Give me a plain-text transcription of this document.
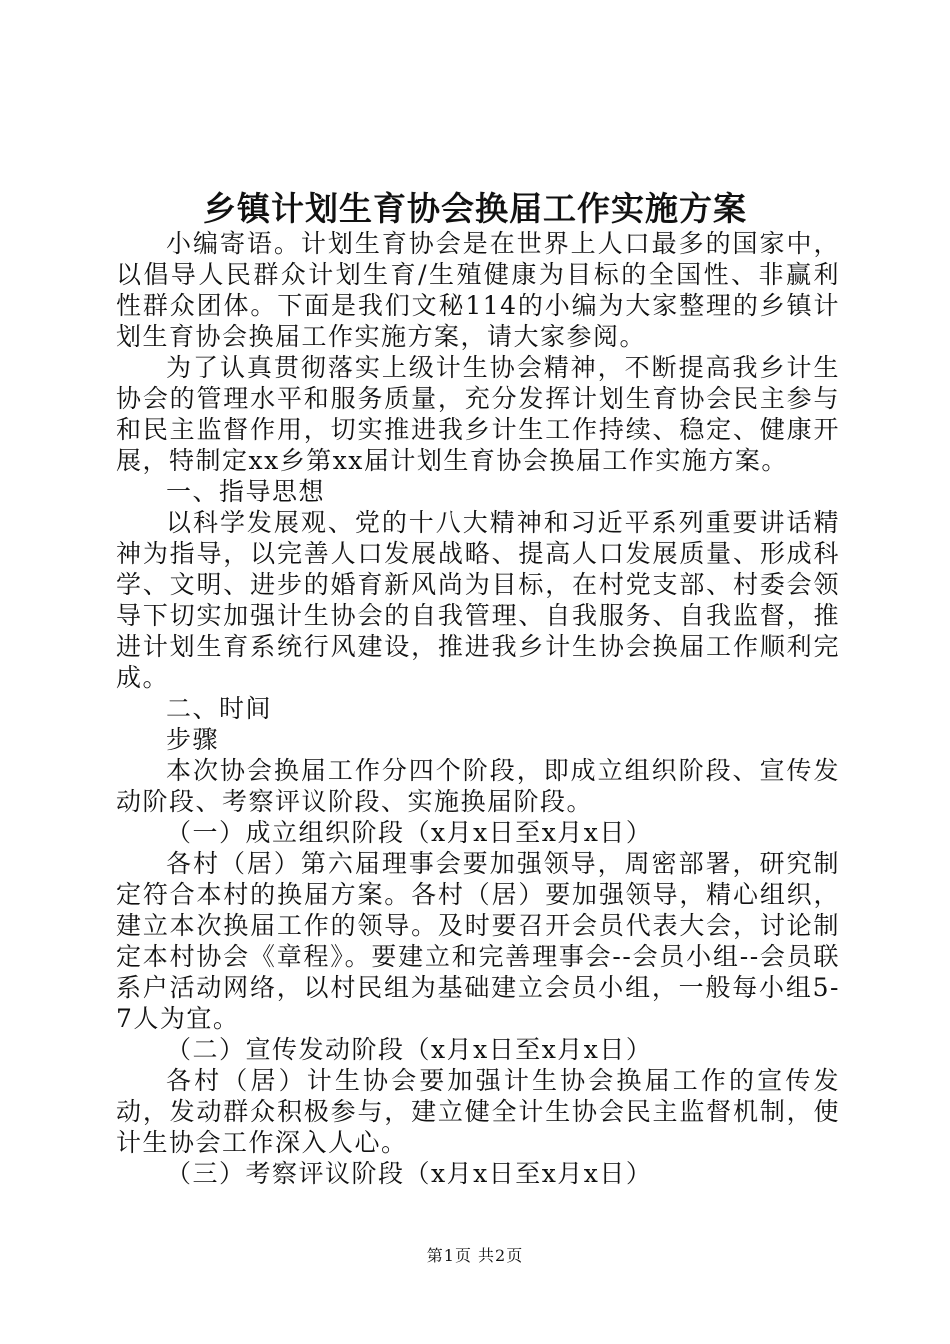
乡镇计划生育协会换届工作实施方案

小编寄语。计划生育协会是在世界上人口最多的国家中，以倡导人民群众计划生育/生殖健康为目标的全国性、非赢利性群众团体。下面是我们文秘114的小编为大家整理的乡镇计划生育协会换届工作实施方案，请大家参阅。

为了认真贯彻落实上级计生协会精神，不断提高我乡计生协会的管理水平和服务质量，充分发挥计划生育协会民主参与和民主监督作用，切实推进我乡计生工作持续、稳定、健康开展，特制定xx乡第xx届计划生育协会换届工作实施方案。

一、指导思想

以科学发展观、党的十八大精神和习近平系列重要讲话精神为指导，以完善人口发展战略、提高人口发展质量、形成科学、文明、进步的婚育新风尚为目标，在村党支部、村委会领导下切实加强计生协会的自我管理、自我服务、自我监督，推进计划生育系统行风建设，推进我乡计生协会换届工作顺利完成。

二、时间

步骤

本次协会换届工作分四个阶段，即成立组织阶段、宣传发动阶段、考察评议阶段、实施换届阶段。

（一）成立组织阶段（x月x日至x月x日）

各村（居）第六届理事会要加强领导，周密部署，研究制定符合本村的换届方案。各村（居）要加强领导，精心组织，建立本次换届工作的领导。及时要召开会员代表大会，讨论制定本村协会《章程》。要建立和完善理事会--会员小组--会员联系户活动网络，以村民组为基础建立会员小组，一般每小组5-7人为宜。

（二）宣传发动阶段（x月x日至x月x日）

各村（居）计生协会要加强计生协会换届工作的宣传发动，发动群众积极参与，建立健全计生协会民主监督机制，使计生协会工作深入人心。

（三）考察评议阶段（x月x日至x月x日）

第1页 共2页
